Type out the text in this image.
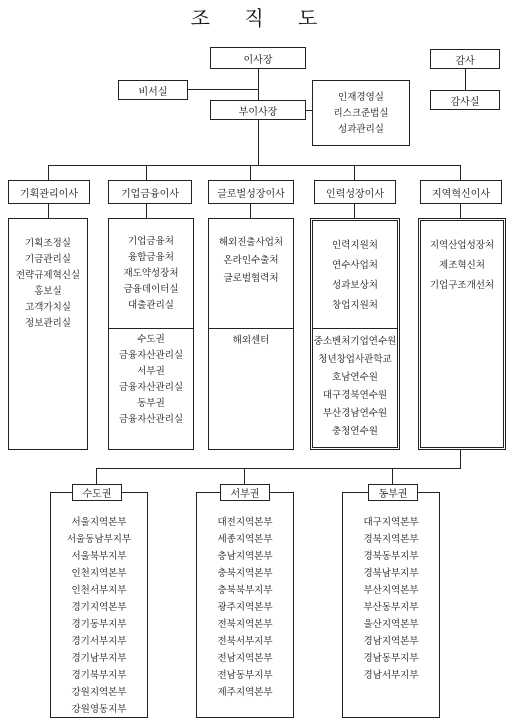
조 직 도
이사장	감사
감사실
비서실
부이사장
인재경영실
리스크준법실
성과관리실
기획관리이사	기업금융이사	글로벌성장이사	인력성장이사	지역혁신이사
기획조정실
기금관리실
전략규제혁신실
홍보실
고객가치실
정보관리실
기업금융처
융합금융처
재도약성장처
금융데이터실
대출관리실
수도권
금융자산관리실
서부권
금융자산관리실
동부권
금융자산관리실
해외진출사업처
온라인수출처
글로벌협력처
해외센터
인력지원처
연수사업처
성과보상처
창업지원처
중소벤처기업연수원
청년창업사관학교
호남연수원
대구경북연수원
부산경남연수원
충청연수원
지역산업성장처
제조혁신처
기업구조개선처
수도권
서울지역본부
서울동남부지부
서울북부지부
인천지역본부
인천서부지부
경기지역본부
경기동부지부
경기서부지부
경기남부지부
경기북부지부
강원지역본부
강원영동지부
서부권
대전지역본부
세종지역본부
충남지역본부
충북지역본부
충북북부지부
광주지역본부
전북지역본부
전북서부지부
전남지역본부
전남동부지부
제주지역본부
동부권
대구지역본부
경북지역본부
경북동부지부
경북남부지부
부산지역본부
부산동부지부
울산지역본부
경남지역본부
경남동부지부
경남서부지부
